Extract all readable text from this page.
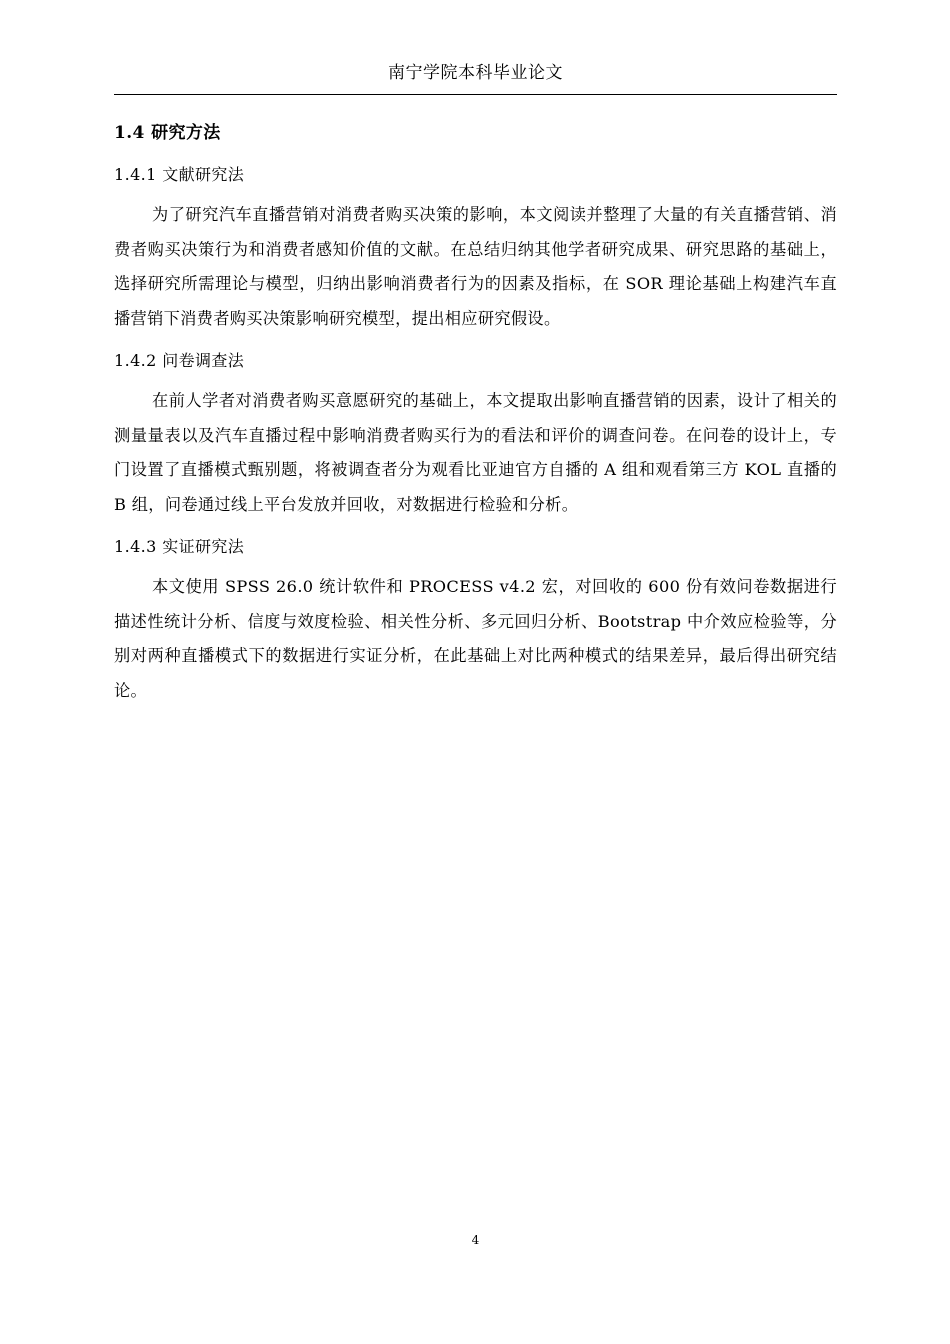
南宁学院本科毕业论文
1.4 研究方法
1.4.1 文献研究法

为了研究汽车直播营销对消费者购买决策的影响，本文阅读并整理了大量的有关直播营销、消费者购买决策行为和消费者感知价值的文献。在总结归纳其他学者研究成果、研究思路的基础上，选择研究所需理论与模型，归纳出影响消费者行为的因素及指标，在 SOR 理论基础上构建汽车直播营销下消费者购买决策影响研究模型，提出相应研究假设。

1.4.2 问卷调查法

在前人学者对消费者购买意愿研究的基础上，本文提取出影响直播营销的因素，设计了相关的测量量表以及汽车直播过程中影响消费者购买行为的看法和评价的调查问卷。在问卷的设计上，专门设置了直播模式甄别题，将被调查者分为观看比亚迪官方自播的 A 组和观看第三方 KOL 直播的 B 组，问卷通过线上平台发放并回收，对数据进行检验和分析。

1.4.3 实证研究法

本文使用 SPSS 26.0 统计软件和 PROCESS v4.2 宏，对回收的 600 份有效问卷数据进行描述性统计分析、信度与效度检验、相关性分析、多元回归分析、Bootstrap 中介效应检验等，分别对两种直播模式下的数据进行实证分析，在此基础上对比两种模式的结果差异，最后得出研究结论。

4
